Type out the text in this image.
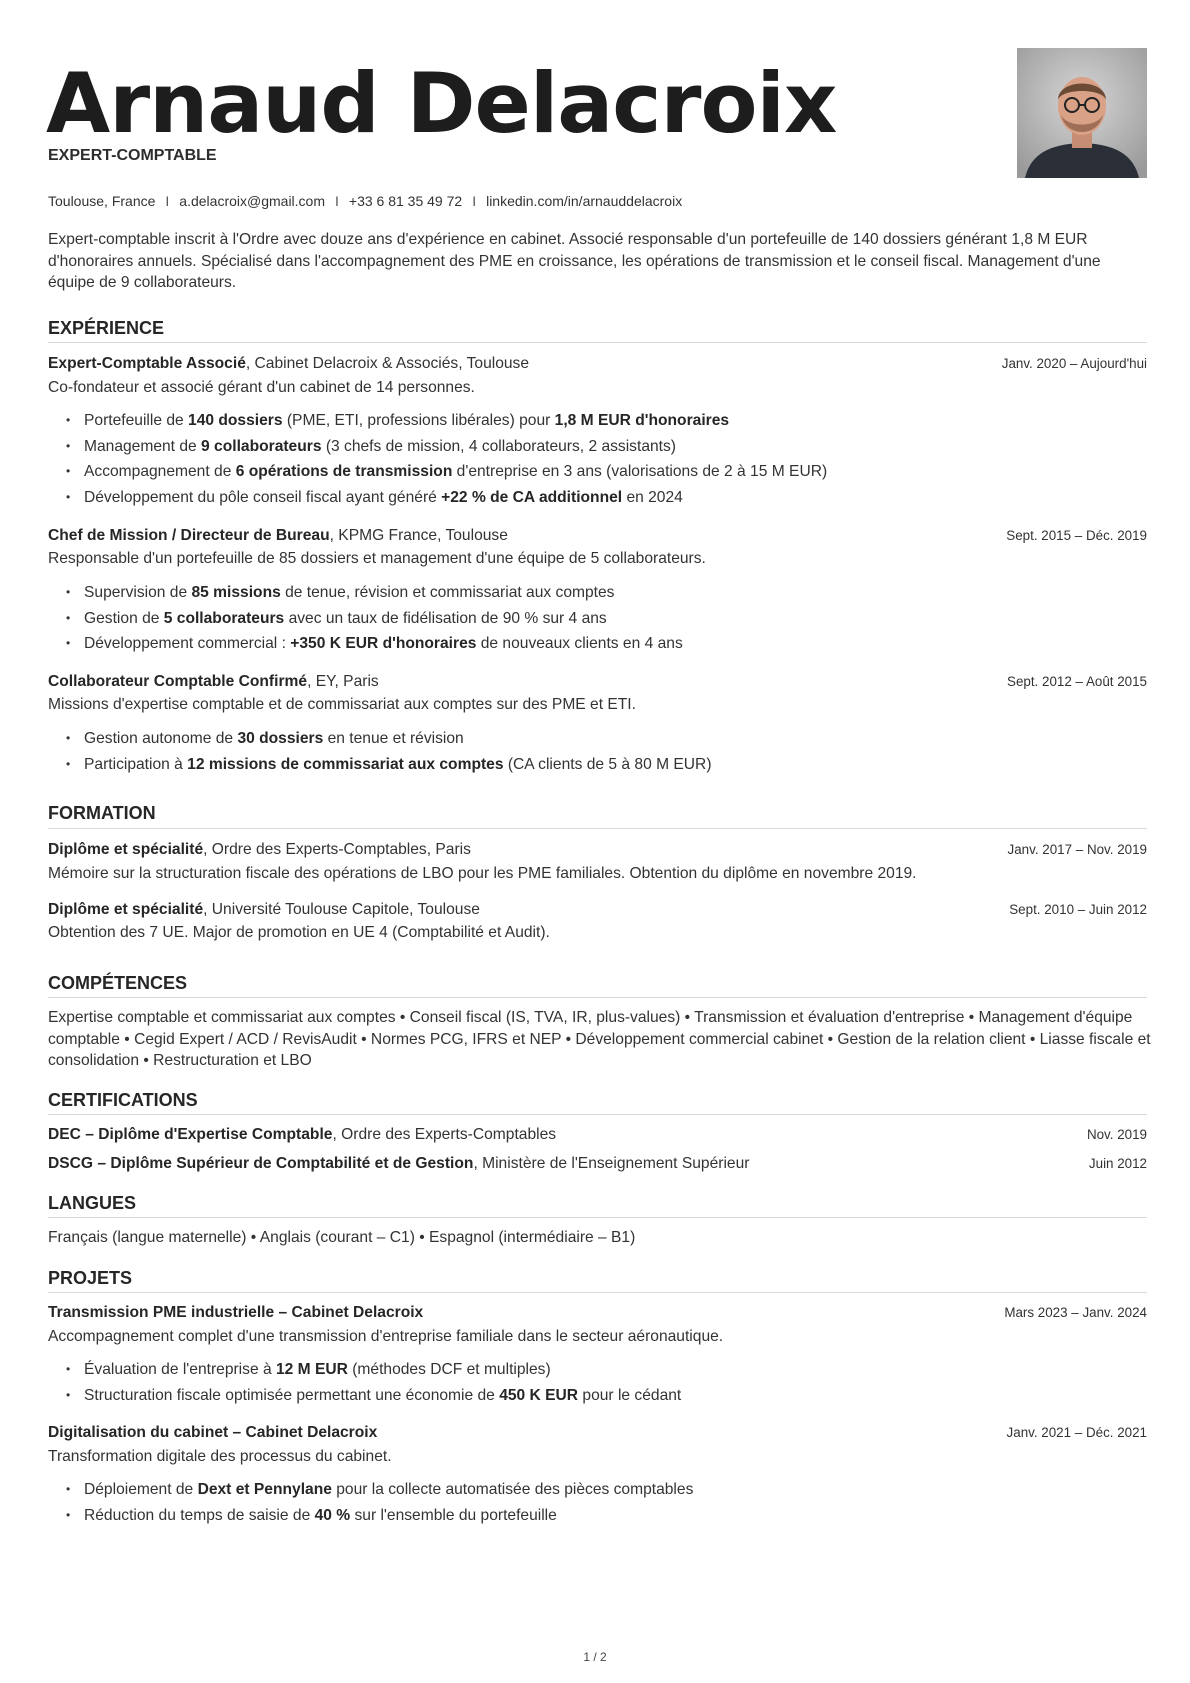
Arnaud Delacroix
EXPERT-COMPTABLE
Toulouse, France I a.delacroix@gmail.com I +33 6 81 35 49 72 I linkedin.com/in/arnauddelacroix
Expert-comptable inscrit à l'Ordre avec douze ans d'expérience en cabinet. Associé responsable d'un portefeuille de 140 dossiers générant 1,8 M EUR d'honoraires annuels. Spécialisé dans l'accompagnement des PME en croissance, les opérations de transmission et le conseil fiscal. Management d'une équipe de 9 collaborateurs.
EXPÉRIENCE
Expert-Comptable Associé, Cabinet Delacroix & Associés, Toulouse	Janv. 2020 – Aujourd'hui
Co-fondateur et associé gérant d'un cabinet de 14 personnes.
• Portefeuille de 140 dossiers (PME, ETI, professions libérales) pour 1,8 M EUR d'honoraires
• Management de 9 collaborateurs (3 chefs de mission, 4 collaborateurs, 2 assistants)
• Accompagnement de 6 opérations de transmission d'entreprise en 3 ans (valorisations de 2 à 15 M EUR)
• Développement du pôle conseil fiscal ayant généré +22 % de CA additionnel en 2024
Chef de Mission / Directeur de Bureau, KPMG France, Toulouse	Sept. 2015 – Déc. 2019
Responsable d'un portefeuille de 85 dossiers et management d'une équipe de 5 collaborateurs.
• Supervision de 85 missions de tenue, révision et commissariat aux comptes
• Gestion de 5 collaborateurs avec un taux de fidélisation de 90 % sur 4 ans
• Développement commercial : +350 K EUR d'honoraires de nouveaux clients en 4 ans
Collaborateur Comptable Confirmé, EY, Paris	Sept. 2012 – Août 2015
Missions d'expertise comptable et de commissariat aux comptes sur des PME et ETI.
• Gestion autonome de 30 dossiers en tenue et révision
• Participation à 12 missions de commissariat aux comptes (CA clients de 5 à 80 M EUR)
FORMATION
Diplôme et spécialité, Ordre des Experts-Comptables, Paris	Janv. 2017 – Nov. 2019
Mémoire sur la structuration fiscale des opérations de LBO pour les PME familiales. Obtention du diplôme en novembre 2019.
Diplôme et spécialité, Université Toulouse Capitole, Toulouse	Sept. 2010 – Juin 2012
Obtention des 7 UE. Major de promotion en UE 4 (Comptabilité et Audit).
COMPÉTENCES
Expertise comptable et commissariat aux comptes • Conseil fiscal (IS, TVA, IR, plus-values) • Transmission et évaluation d'entreprise • Management d'équipe comptable • Cegid Expert / ACD / RevisAudit • Normes PCG, IFRS et NEP • Développement commercial cabinet • Gestion de la relation client • Liasse fiscale et consolidation • Restructuration et LBO
CERTIFICATIONS
DEC – Diplôme d'Expertise Comptable, Ordre des Experts-Comptables	Nov. 2019
DSCG – Diplôme Supérieur de Comptabilité et de Gestion, Ministère de l'Enseignement Supérieur	Juin 2012
LANGUES
Français (langue maternelle) • Anglais (courant – C1) • Espagnol (intermédiaire – B1)
PROJETS
Transmission PME industrielle – Cabinet Delacroix	Mars 2023 – Janv. 2024
Accompagnement complet d'une transmission d'entreprise familiale dans le secteur aéronautique.
• Évaluation de l'entreprise à 12 M EUR (méthodes DCF et multiples)
• Structuration fiscale optimisée permettant une économie de 450 K EUR pour le cédant
Digitalisation du cabinet – Cabinet Delacroix	Janv. 2021 – Déc. 2021
Transformation digitale des processus du cabinet.
• Déploiement de Dext et Pennylane pour la collecte automatisée des pièces comptables
• Réduction du temps de saisie de 40 % sur l'ensemble du portefeuille
1 / 2
